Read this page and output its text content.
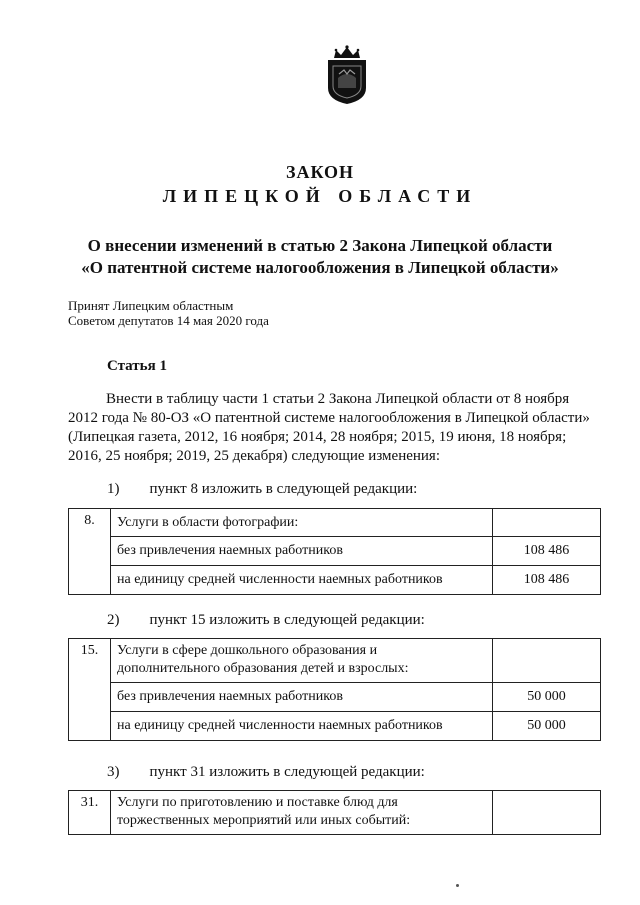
ЗАКОН
ЛИПЕЦКОЙ ОБЛАСТИ
О внесении изменений в статью 2 Закона Липецкой области
«О патентной системе налогообложения в Липецкой области»
Принят Липецким областным
Советом депутатов 14 мая 2020 года
Статья 1
Внести в таблицу части 1 статьи 2 Закона Липецкой области от 8 ноября
2012 года № 80-ОЗ «О патентной системе налогообложения в Липецкой области»
(Липецкая газета, 2012, 16 ноября; 2014, 28 ноября; 2015, 19 июня, 18 ноября;
2016, 25 ноября; 2019, 25 декабря) следующие изменения:
1) пункт 8 изложить в следующей редакции:
8.	Услуги в области фотографии:	
	без привлечения наемных работников	108 486
	на единицу средней численности наемных работников	108 486
2) пункт 15 изложить в следующей редакции:
15.	Услуги в сфере дошкольного образования и
дополнительного образования детей и взрослых:	

	без привлечения наемных работников	50 000
	на единицу средней численности наемных работников	50 000
3) пункт 31 изложить в следующей редакции:
31.	Услуги по приготовлению и поставке блюд для
торжественных мероприятий или иных событий:
